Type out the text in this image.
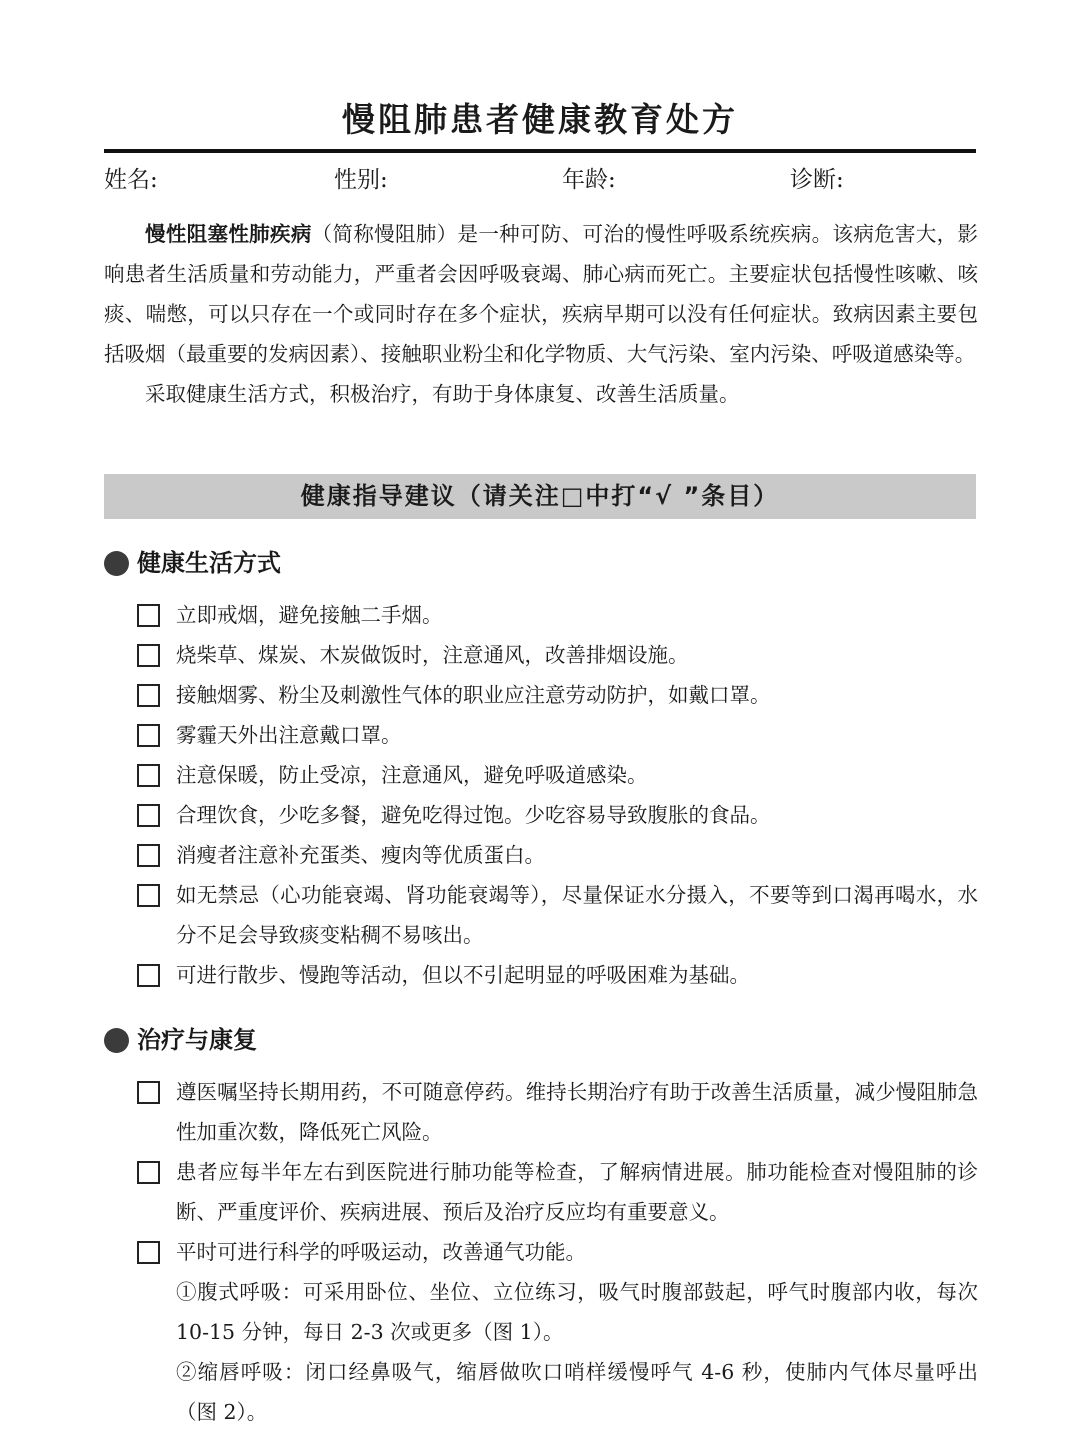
慢阻肺患者健康教育处方
姓名:	性别:	年龄:	诊断:

慢性阻塞性肺疾病（简称慢阻肺）是一种可防、可治的慢性呼吸系统疾病。该病危害大，影响患者生活质量和劳动能力，严重者会因呼吸衰竭、肺心病而死亡。主要症状包括慢性咳嗽、咳痰、喘憋，可以只存在一个或同时存在多个症状，疾病早期可以没有任何症状。致病因素主要包括吸烟（最重要的发病因素）、接触职业粉尘和化学物质、大气污染、室内污染、呼吸道感染等。

采取健康生活方式，积极治疗，有助于身体康复、改善生活质量。

健康指导建议（请关注□中打“√ ”条目）
健康生活方式
立即戒烟，避免接触二手烟。
烧柴草、煤炭、木炭做饭时，注意通风，改善排烟设施。
接触烟雾、粉尘及刺激性气体的职业应注意劳动防护，如戴口罩。
雾霾天外出注意戴口罩。
注意保暖，防止受凉，注意通风，避免呼吸道感染。
合理饮食，少吃多餐，避免吃得过饱。少吃容易导致腹胀的食品。
消瘦者注意补充蛋类、瘦肉等优质蛋白。
如无禁忌（心功能衰竭、肾功能衰竭等），尽量保证水分摄入，不要等到口渴再喝水，水分不足会导致痰变粘稠不易咳出。
可进行散步、慢跑等活动，但以不引起明显的呼吸困难为基础。
治疗与康复
遵医嘱坚持长期用药，不可随意停药。维持长期治疗有助于改善生活质量，减少慢阻肺急性加重次数，降低死亡风险。
患者应每半年左右到医院进行肺功能等检查，了解病情进展。肺功能检查对慢阻肺的诊断、严重度评价、疾病进展、预后及治疗反应均有重要意义。
平时可进行科学的呼吸运动，改善通气功能。
①腹式呼吸：可采用卧位、坐位、立位练习，吸气时腹部鼓起，呼气时腹部内收，每次 10-15 分钟，每日 2-3 次或更多（图 1）。
②缩唇呼吸：闭口经鼻吸气，缩唇做吹口哨样缓慢呼气 4-6 秒，使肺内气体尽量呼出（图 2）。
